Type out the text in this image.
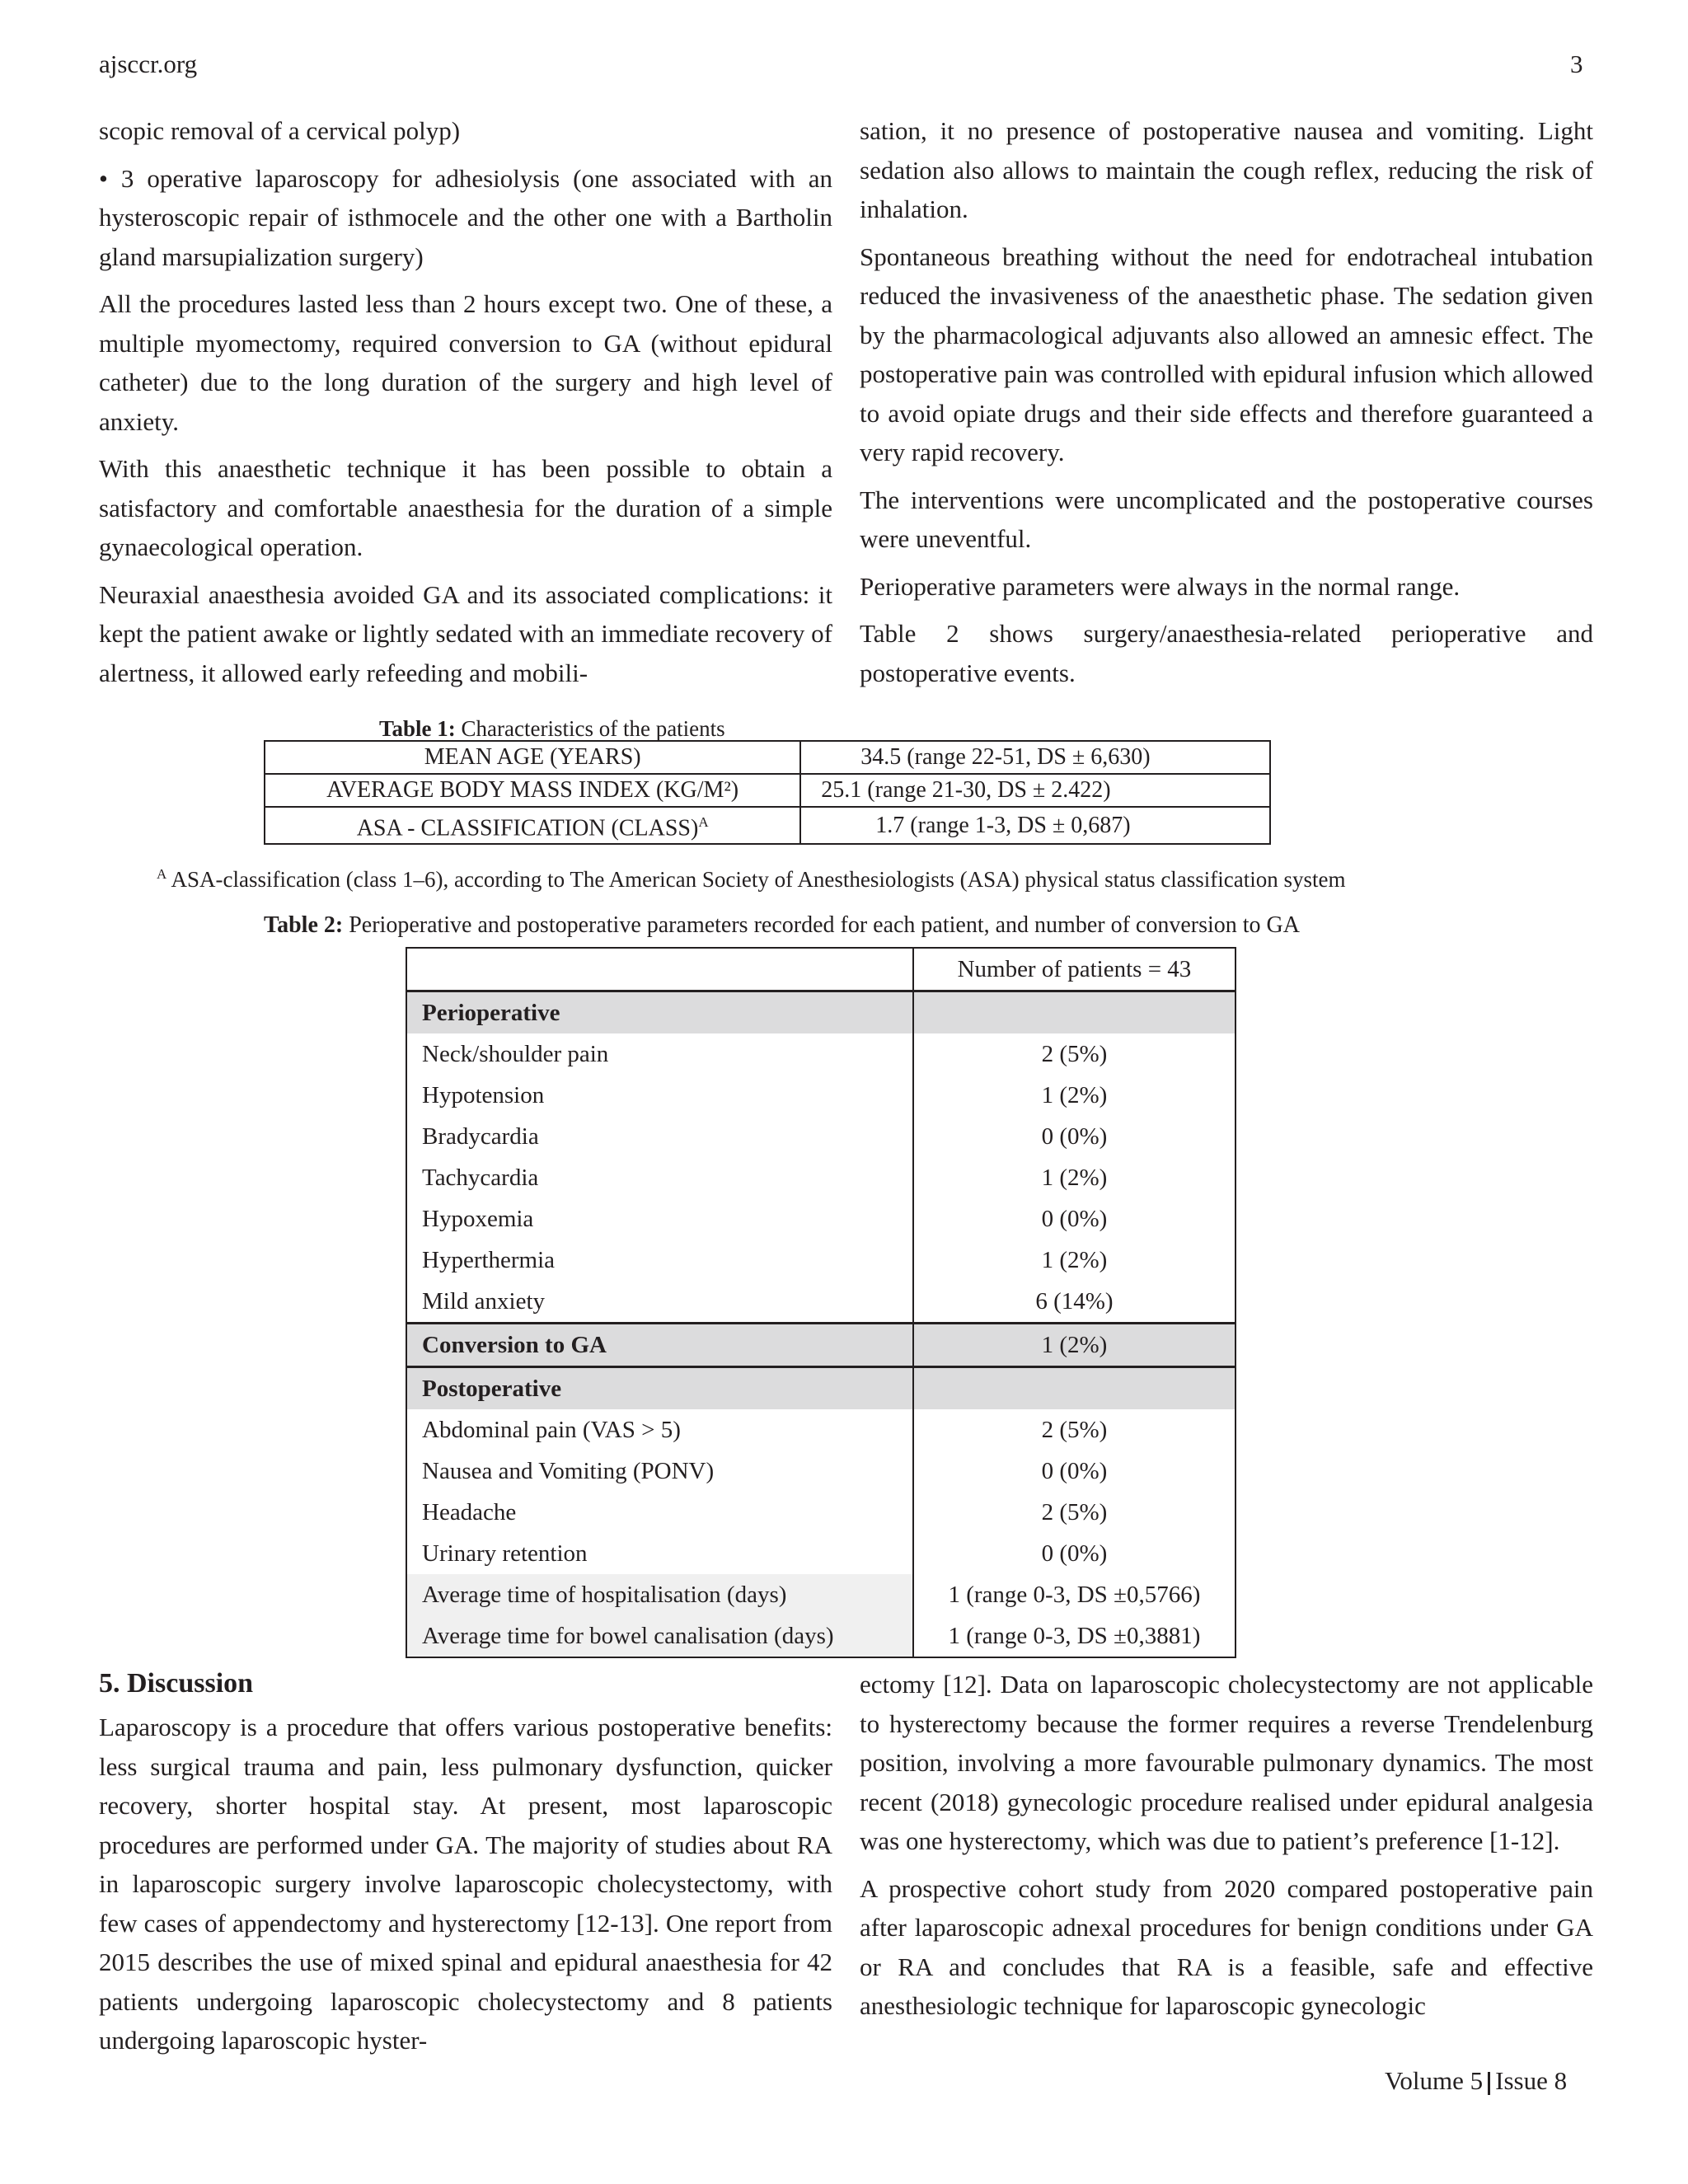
ajsccr.org	3

scopic removal of a cervical polyp)

• 3 operative laparoscopy for adhesiolysis (one associated with an hysteroscopic repair of isthmocele and the other one with a Bartholin gland marsupialization surgery)

All the procedures lasted less than 2 hours except two. One of these, a multiple myomectomy, required conversion to GA (without epidural catheter) due to the long duration of the surgery and high level of anxiety.

With this anaesthetic technique it has been possible to obtain a satisfactory and comfortable anaesthesia for the duration of a simple gynaecological operation.

Neuraxial anaesthesia avoided GA and its associated complications: it kept the patient awake or lightly sedated with an immediate recovery of alertness, it allowed early refeeding and mobili-

sation, it no presence of postoperative nausea and vomiting. Light sedation also allows to maintain the cough reflex, reducing the risk of inhalation.

Spontaneous breathing without the need for endotracheal intubation reduced the invasiveness of the anaesthetic phase. The sedation given by the pharmacological adjuvants also allowed an amnesic effect. The postoperative pain was controlled with epidural infusion which allowed to avoid opiate drugs and their side effects and therefore guaranteed a very rapid recovery.

The interventions were uncomplicated and the postoperative courses were uneventful.

Perioperative parameters were always in the normal range.

Table 2 shows surgery/anaesthesia-related perioperative and postoperative events.

Table 1: Characteristics of the patients
MEAN AGE (YEARS)	34.5 (range 22-51, DS ± 6,630)
AVERAGE BODY MASS INDEX (KG/M²)	25.1 (range 21-30, DS ± 2.422)
ASA - CLASSIFICATION (CLASS)$^A$	1.7 (range 1-3, DS ± 0,687)
$^A$ ASA-classification (class 1–6), according to The American Society of Anesthesiologists (ASA) physical status classification system
Table 2: Perioperative and postoperative parameters recorded for each patient, and number of conversion to GA
	Number of patients = 43
Perioperative	
Neck/shoulder pain	2 (5%)
Hypotension	1 (2%)
Bradycardia	0 (0%)
Tachycardia	1 (2%)
Hypoxemia	0 (0%)
Hyperthermia	1 (2%)
Mild anxiety	6 (14%)
Conversion to GA	1 (2%)
Postoperative	
Abdominal pain (VAS > 5)	2 (5%)
Nausea and Vomiting (PONV)	0 (0%)
Headache	2 (5%)
Urinary retention	0 (0%)
Average time of hospitalisation (days)	1 (range 0-3, DS ±0,5766)
Average time for bowel canalisation (days)	1 (range 0-3, DS ±0,3881)
5. Discussion

Laparoscopy is a procedure that offers various postoperative benefits: less surgical trauma and pain, less pulmonary dysfunction, quicker recovery, shorter hospital stay. At present, most laparoscopic procedures are performed under GA. The majority of studies about RA in laparoscopic surgery involve laparoscopic cholecystectomy, with few cases of appendectomy and hysterectomy [12-13]. One report from 2015 describes the use of mixed spinal and epidural anaesthesia for 42 patients undergoing laparoscopic cholecystectomy and 8 patients undergoing laparoscopic hyster-

ectomy [12]. Data on laparoscopic cholecystectomy are not applicable to hysterectomy because the former requires a reverse Trendelenburg position, involving a more favourable pulmonary dynamics. The most recent (2018) gynecologic procedure realised under epidural analgesia was one hysterectomy, which was due to patient’s preference [1-12].

A prospective cohort study from 2020 compared postoperative pain after laparoscopic adnexal procedures for benign conditions under GA or RA and concludes that RA is a feasible, safe and effective anesthesiologic technique for laparoscopic gynecologic

Volume 5 Issue 8
